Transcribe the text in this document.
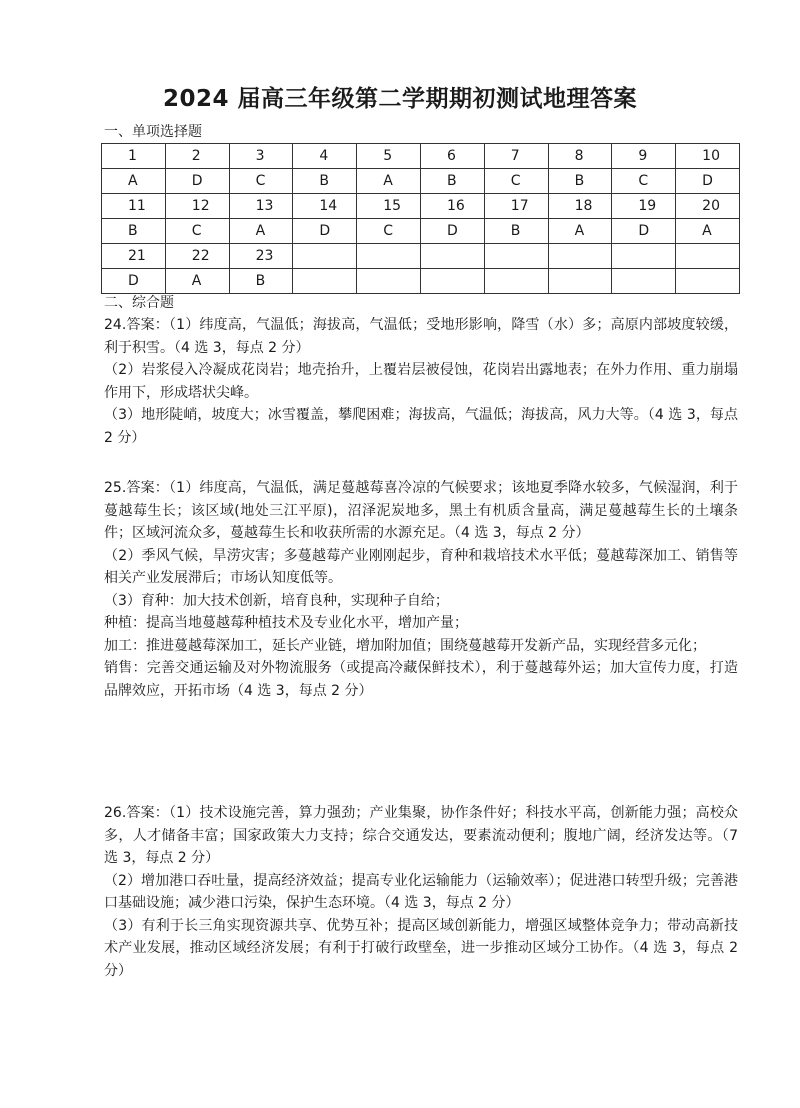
2024 届高三年级第二学期期初测试地理答案
一、单项选择题
1	2	3	4	5	6	7	8	9	10
A	D	C	B	A	B	C	B	C	D
11	12	13	14	15	16	17	18	19	20
B	C	A	D	C	D	B	A	D	A
21	22	23							
D	A	B							
二、综合题

24.答案：（1）纬度高，气温低；海拔高，气温低；受地形影响，降雪（水）多；高原内部坡度较缓，利于积雪。（4 选 3，每点 2 分）

（2）岩浆侵入冷凝成花岗岩；地壳抬升，上覆岩层被侵蚀，花岗岩出露地表；在外力作用、重力崩塌作用下，形成塔状尖峰。

（3）地形陡峭，坡度大；冰雪覆盖，攀爬困难；海拔高，气温低；海拔高，风力大等。（4 选 3，每点 2 分）

25.答案：（1）纬度高，气温低，满足蔓越莓喜冷凉的气候要求；该地夏季降水较多，气候湿润，利于蔓越莓生长；该区域(地处三江平原)，沼泽泥炭地多，黑土有机质含量高，满足蔓越莓生长的土壤条件；区域河流众多，蔓越莓生长和收获所需的水源充足。（4 选 3，每点 2 分）

（2）季风气候，旱涝灾害；多蔓越莓产业刚刚起步，育种和栽培技术水平低；蔓越莓深加工、销售等相关产业发展滞后；市场认知度低等。

（3）育种：加大技术创新，培育良种，实现种子自给；

种植：提高当地蔓越莓种植技术及专业化水平，增加产量；

加工：推进蔓越莓深加工，延长产业链，增加附加值；围绕蔓越莓开发新产品，实现经营多元化；

销售：完善交通运输及对外物流服务（或提高冷藏保鲜技术），利于蔓越莓外运；加大宣传力度，打造品牌效应，开拓市场（4 选 3，每点 2 分）

26.答案：（1）技术设施完善，算力强劲；产业集聚，协作条件好；科技水平高，创新能力强；高校众多，人才储备丰富；国家政策大力支持；综合交通发达，要素流动便利；腹地广阔，经济发达等。（7 选 3，每点 2 分）

（2）增加港口吞吐量，提高经济效益；提高专业化运输能力（运输效率）；促进港口转型升级；完善港口基础设施；减少港口污染，保护生态环境。（4 选 3，每点 2 分）

（3）有利于长三角实现资源共享、优势互补；提高区域创新能力，增强区域整体竞争力；带动高新技术产业发展，推动区域经济发展；有利于打破行政壁垒，进一步推动区域分工协作。（4 选 3，每点 2 分）
